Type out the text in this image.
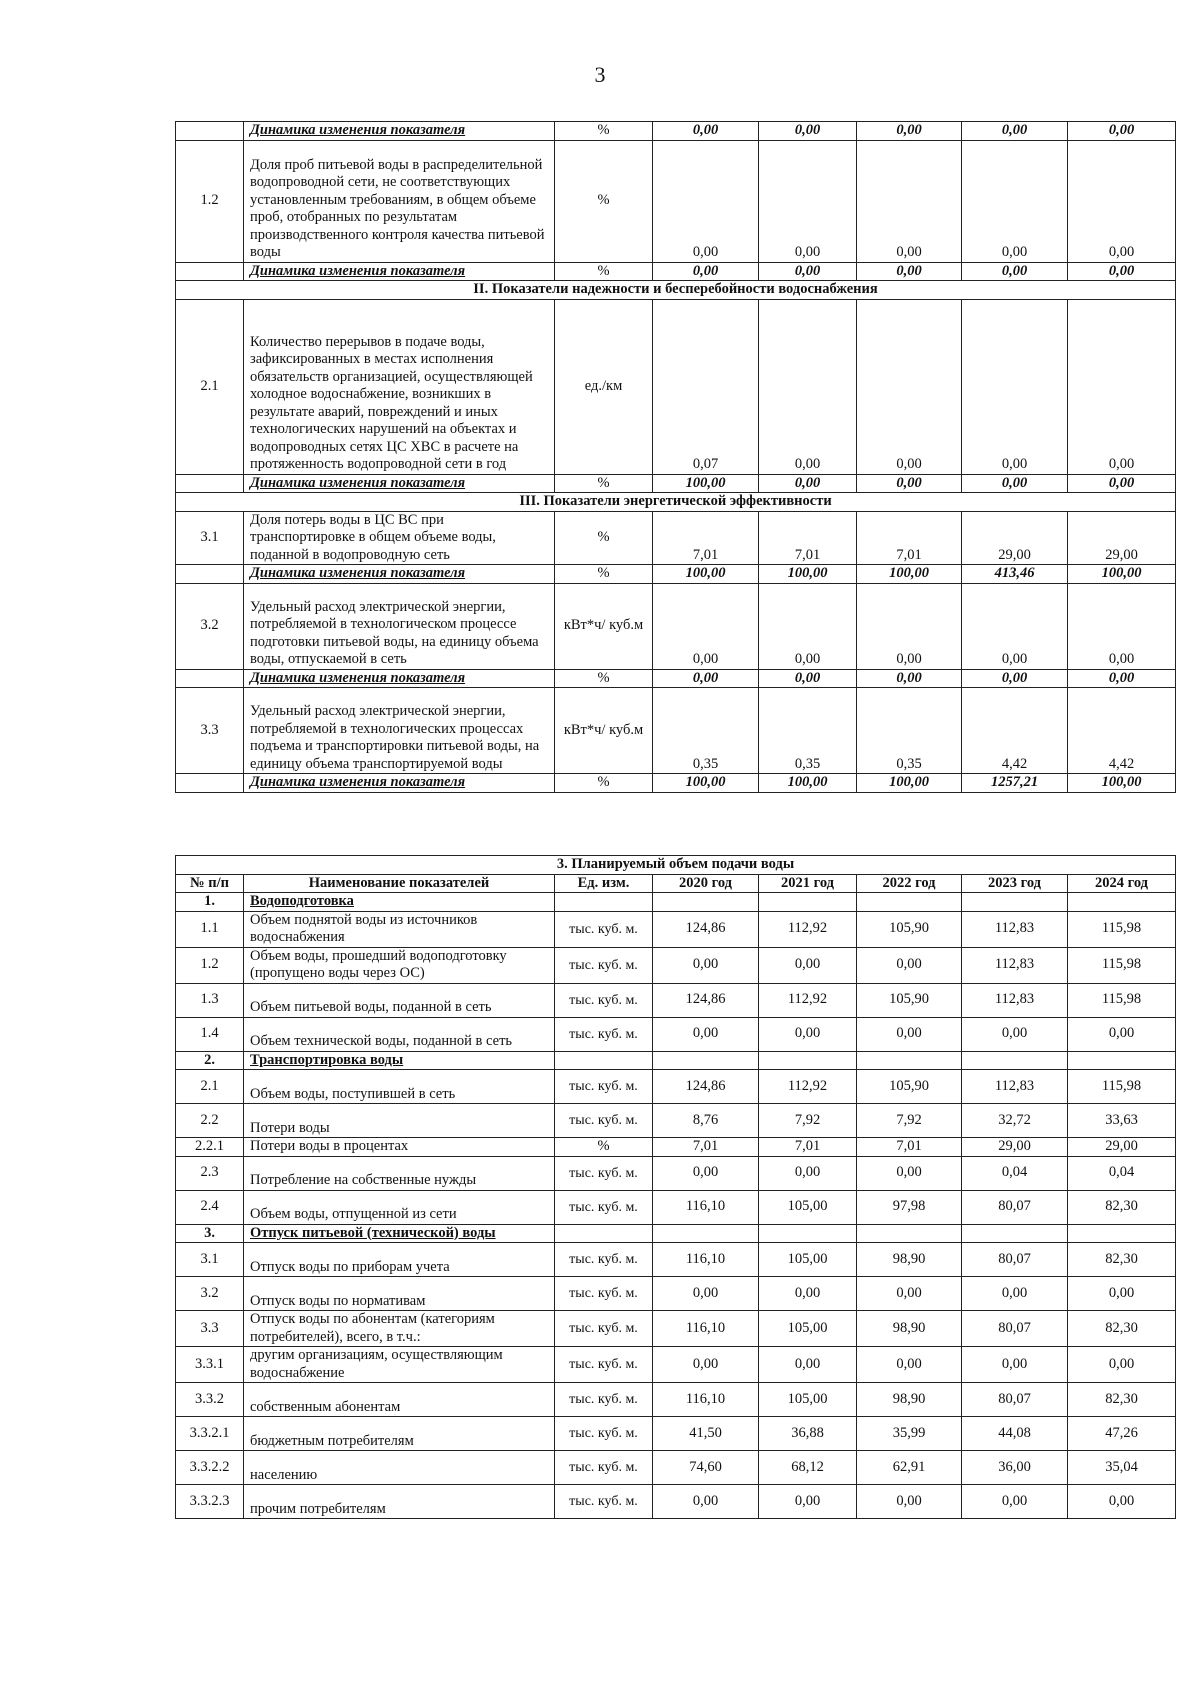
3
	Динамика изменения показателя	%	0,00	0,00	0,00	0,00	0,00
1.2	Доля проб питьевой воды в распределительной водопроводной сети, не соответствующих установленным требованиям, в общем объеме проб, отобранных по результатам производственного контроля качества питьевой воды	%	0,00	0,00	0,00	0,00	0,00
	Динамика изменения показателя	%	0,00	0,00	0,00	0,00	0,00
II. Показатели надежности и бесперебойности водоснабжения							
2.1	Количество перерывов в подаче воды, зафиксированных в местах исполнения обязательств организацией, осуществляющей холодное водоснабжение, возникших в результате аварий, повреждений и иных технологических нарушений на объектах и водопроводных сетях ЦС ХВС в расчете на протяженность водопроводной сети в год	ед./км	0,07	0,00	0,00	0,00	0,00
	Динамика изменения показателя	%	100,00	0,00	0,00	0,00	0,00
III. Показатели энергетической эффективности							
3.1	Доля потерь воды в ЦС ВС при транспортировке в общем объеме воды, поданной в водопроводную сеть	%	7,01	7,01	7,01	29,00	29,00
	Динамика изменения показателя	%	100,00	100,00	100,00	413,46	100,00
3.2	Удельный расход электрической энергии, потребляемой в технологическом процессе подготовки питьевой воды, на единицу объема воды, отпускаемой в сеть	кВт*ч/ куб.м	0,00	0,00	0,00	0,00	0,00
	Динамика изменения показателя	%	0,00	0,00	0,00	0,00	0,00
3.3	Удельный расход электрической энергии, потребляемой в технологических процессах подъема и транспортировки питьевой воды, на единицу объема транспортируемой воды	кВт*ч/ куб.м	0,35	0,35	0,35	4,42	4,42
	Динамика изменения показателя	%	100,00	100,00	100,00	1257,21	100,00
3. Планируемый объем подачи воды							
№ п/п	Наименование показателей	Ед. изм.	2020 год	2021 год	2022 год	2023 год	2024 год
1.	Водоподготовка						
1.1	Объем поднятой воды из источников водоснабжения	тыс. куб. м.	124,86	112,92	105,90	112,83	115,98
1.2	Объем воды, прошедший водоподготовку (пропущено воды через ОС)	тыс. куб. м.	0,00	0,00	0,00	112,83	115,98
1.3	Объем питьевой воды, поданной в сеть	тыс. куб. м.	124,86	112,92	105,90	112,83	115,98
1.4	Объем технической воды, поданной в сеть	тыс. куб. м.	0,00	0,00	0,00	0,00	0,00
2.	Транспортировка воды						
2.1	Объем воды, поступившей в сеть	тыс. куб. м.	124,86	112,92	105,90	112,83	115,98
2.2	Потери воды	тыс. куб. м.	8,76	7,92	7,92	32,72	33,63
2.2.1	Потери воды в процентах	%	7,01	7,01	7,01	29,00	29,00
2.3	Потребление на собственные нужды	тыс. куб. м.	0,00	0,00	0,00	0,04	0,04
2.4	Объем воды, отпущенной из сети	тыс. куб. м.	116,10	105,00	97,98	80,07	82,30
3.	Отпуск питьевой (технической) воды						
3.1	Отпуск воды по приборам учета	тыс. куб. м.	116,10	105,00	98,90	80,07	82,30
3.2	Отпуск воды по нормативам	тыс. куб. м.	0,00	0,00	0,00	0,00	0,00
3.3	Отпуск воды по абонентам (категориям потребителей), всего, в т.ч.:	тыс. куб. м.	116,10	105,00	98,90	80,07	82,30
3.3.1	другим организациям, осуществляющим водоснабжение	тыс. куб. м.	0,00	0,00	0,00	0,00	0,00
3.3.2	собственным абонентам	тыс. куб. м.	116,10	105,00	98,90	80,07	82,30
3.3.2.1	бюджетным потребителям	тыс. куб. м.	41,50	36,88	35,99	44,08	47,26
3.3.2.2	населению	тыс. куб. м.	74,60	68,12	62,91	36,00	35,04
3.3.2.3	прочим потребителям	тыс. куб. м.	0,00	0,00	0,00	0,00	0,00
